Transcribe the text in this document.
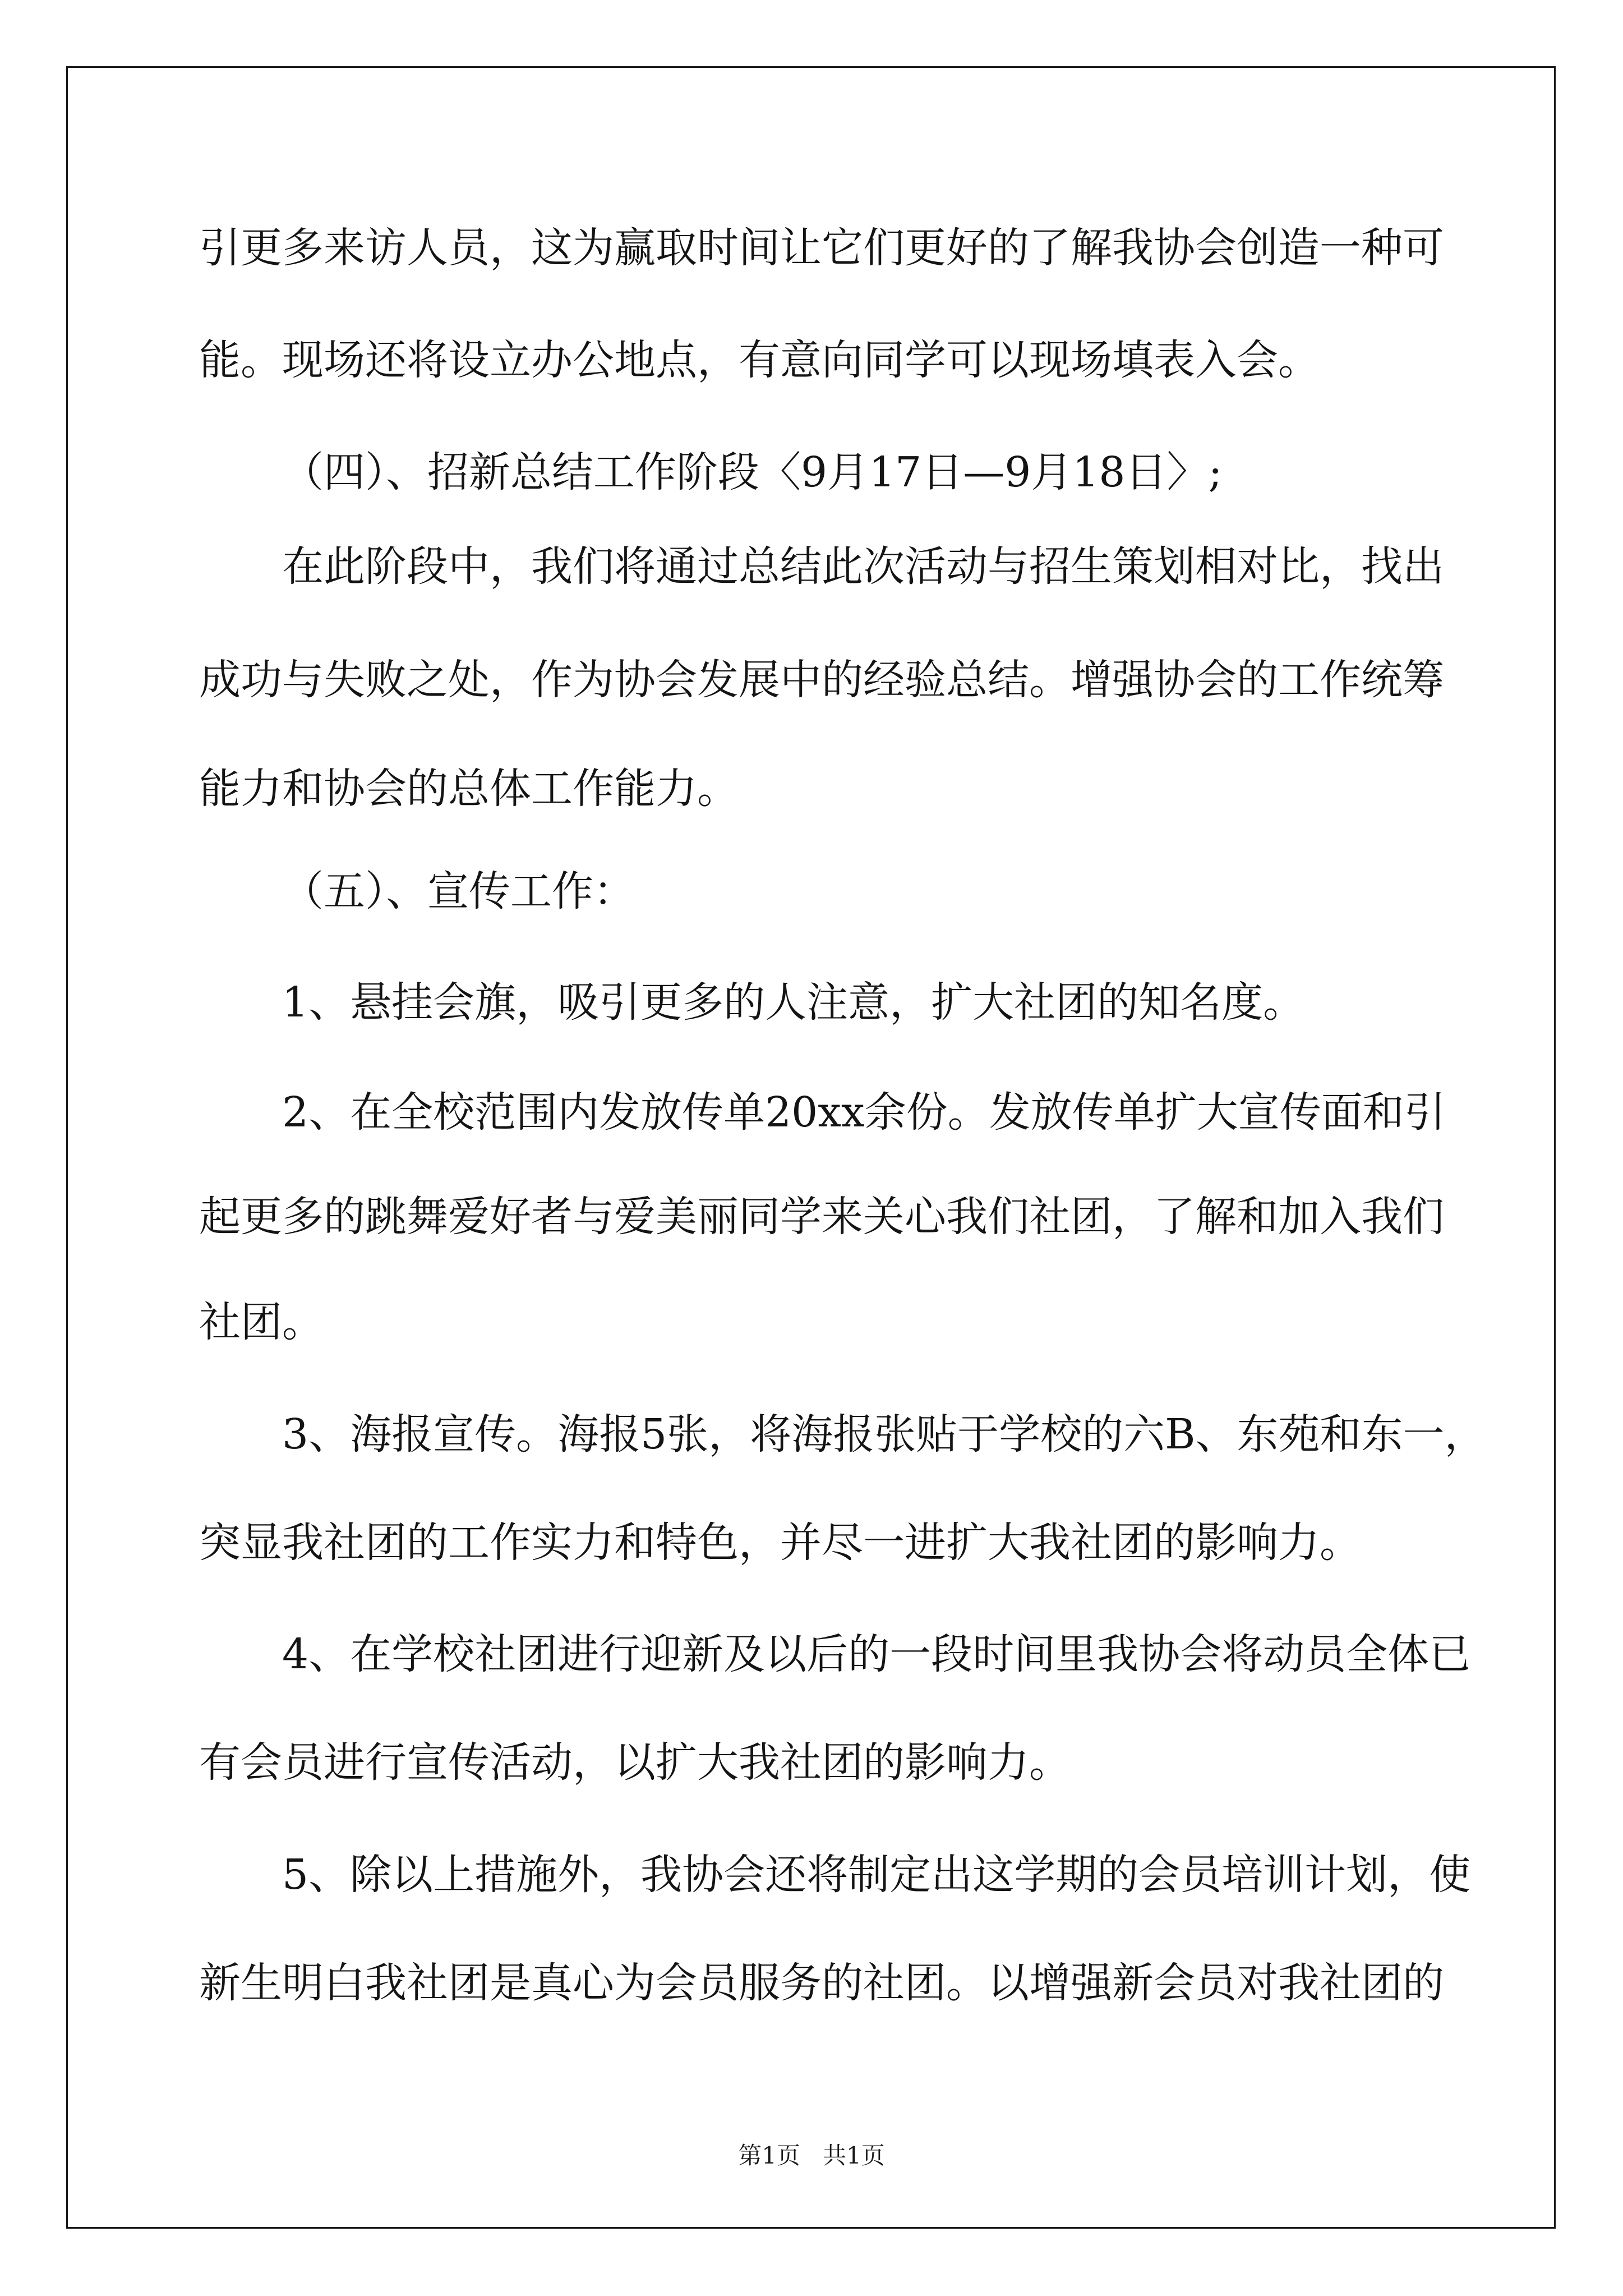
引更多来访人员，这为赢取时间让它们更好的了解我协会创造一种可

能。现场还将设立办公地点，有意向同学可以现场填表入会。

（四）、招新总结工作阶段〈9月17日—9月18日〉;

在此阶段中，我们将通过总结此次活动与招生策划相对比，找出

成功与失败之处，作为协会发展中的经验总结。增强协会的工作统筹

能力和协会的总体工作能力。

（五）、宣传工作：

1、悬挂会旗，吸引更多的人注意，扩大社团的知名度。

2、在全校范围内发放传单20xx余份。发放传单扩大宣传面和引

起更多的跳舞爱好者与爱美丽同学来关心我们社团，了解和加入我们

社团。

3、海报宣传。海报5张，将海报张贴于学校的六B、东苑和东一，

突显我社团的工作实力和特色，并尽一进扩大我社团的影响力。

4、在学校社团进行迎新及以后的一段时间里我协会将动员全体已

有会员进行宣传活动，以扩大我社团的影响力。

5、除以上措施外，我协会还将制定出这学期的会员培训计划，使

新生明白我社团是真心为会员服务的社团。以增强新会员对我社团的

第1页   共1页
